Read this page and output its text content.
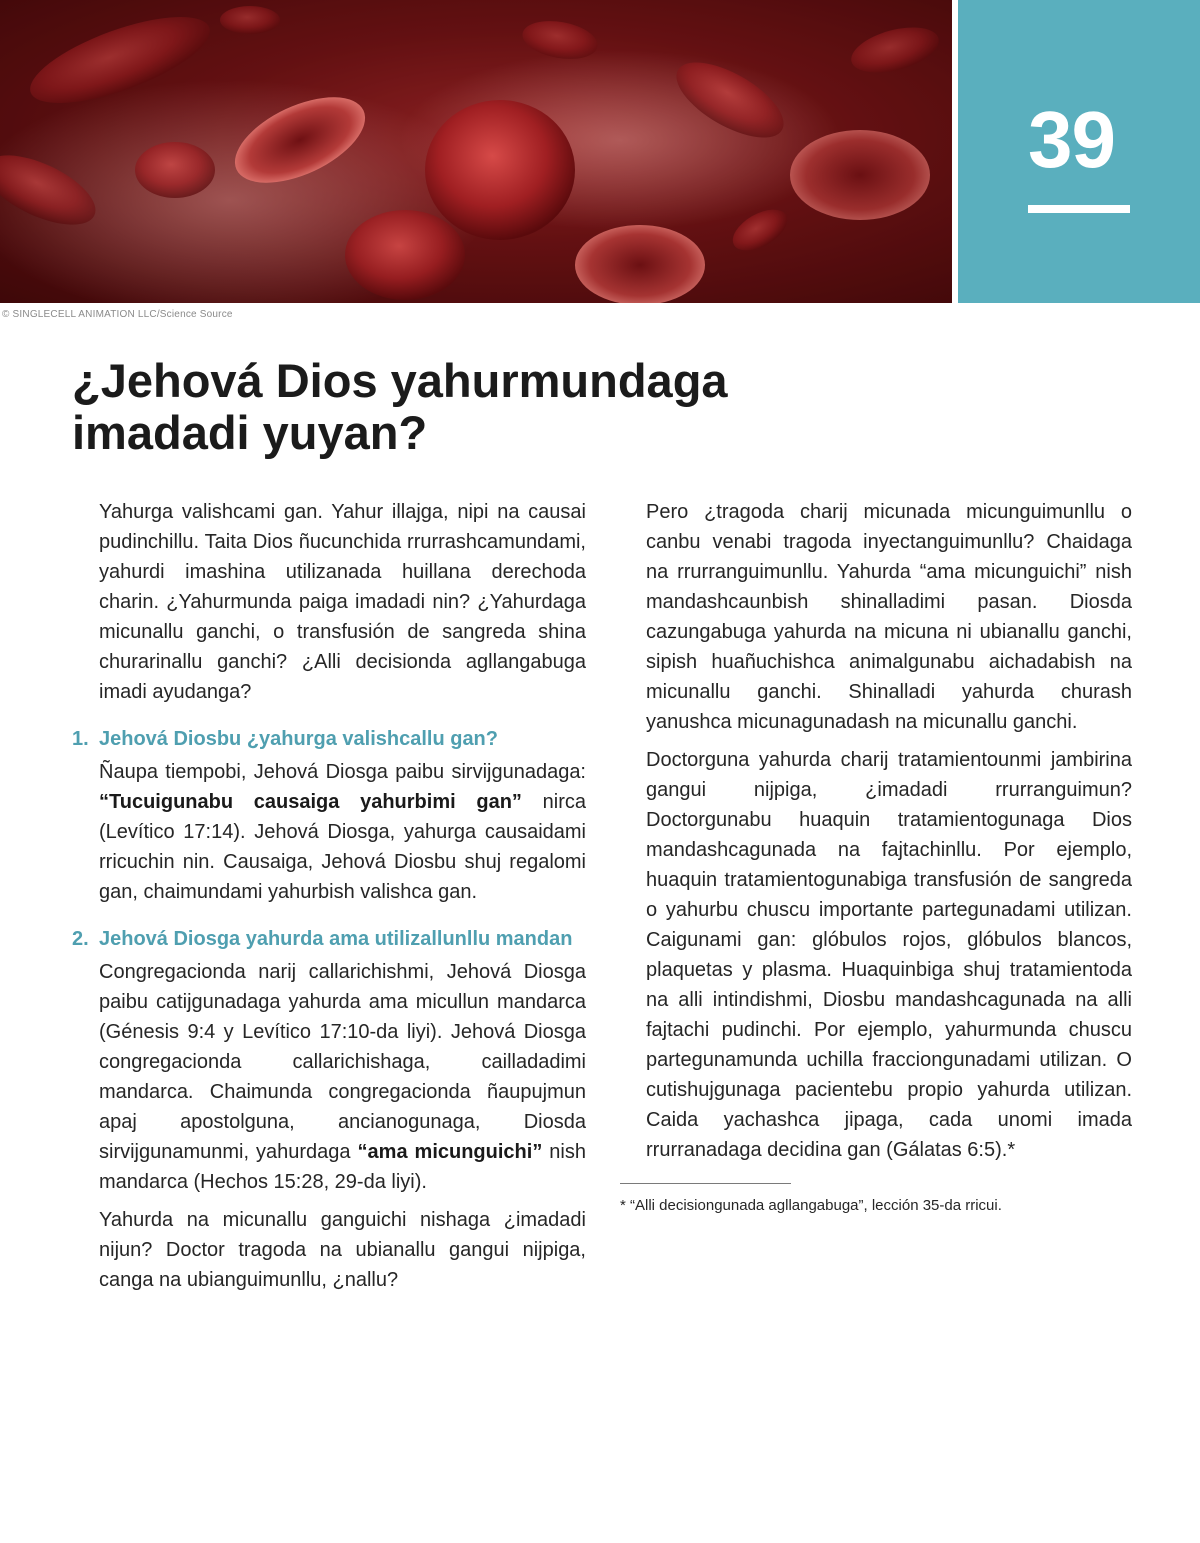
39
© SINGLECELL ANIMATION LLC/Science Source
¿Jehová Dios yahurmundaga imadadi yuyan?

Yahurga valishcami gan. Yahur illajga, nipi na causai pudinchillu. Taita Dios ñucunchida rrurrashcamundami, yahurdi imashina utilizanada huillana derechoda charin. ¿Yahurmunda paiga imadadi nin? ¿Yahurdaga micunallu ganchi, o transfusión de sangreda shina churarinallu ganchi? ¿Alli decisionda agllangabuga imadi ayudanga?

1. Jehová Diosbu ¿yahurga valishcallu gan?

Ñaupa tiempobi, Jehová Diosga paibu sirvijgunadaga: “Tucuigunabu causaiga yahurbimi gan” nirca (Levítico 17:14). Jehová Diosga, yahurga causaidami rricuchin nin. Causaiga, Jehová Diosbu shuj regalomi gan, chaimundami yahurbish valishca gan.

2. Jehová Diosga yahurda ama utilizallunllu mandan

Congregacionda narij callarichishmi, Jehová Diosga paibu catijgunadaga yahurda ama micullun mandarca (Génesis 9:4 y Levítico 17:10-da liyi). Jehová Diosga congregacionda callarichishaga, cailladadimi mandarca. Chaimunda congregacionda ñaupujmun apaj apostolguna, ancianogunaga, Diosda sirvijgunamunmi, yahurdaga “ama micunguichi” nish mandarca (Hechos 15:28, 29-da liyi).

Yahurda na micunallu ganguichi nishaga ¿imadadi nijun? Doctor tragoda na ubianallu gangui nijpiga, canga na ubianguimunllu, ¿nallu?

Pero ¿tragoda charij micunada micunguimunllu o canbu venabi tragoda inyectanguimunllu? Chaidaga na rrurranguimunllu. Yahurda “ama micunguichi” nish mandashcaunbish shinalladimi pasan. Diosda cazungabuga yahurda na micuna ni ubianallu ganchi, sipish huañuchishca animalgunabu aichadabish na micunallu ganchi. Shinalladi yahurda churash yanushca micunagunadash na micunallu ganchi.

Doctorguna yahurda charij tratamientounmi jambirina gangui nijpiga, ¿imadadi rrurranguimun? Doctorgunabu huaquin tratamientogunaga Dios mandashcagunada na fajtachinllu. Por ejemplo, huaquin tratamientogunabiga transfusión de sangreda o yahurbu chuscu importante partegunadami utilizan. Caigunami gan: glóbulos rojos, glóbulos blancos, plaquetas y plasma. Huaquinbiga shuj tratamientoda na alli intindishmi, Diosbu mandashcagunada na alli fajtachi pudinchi. Por ejemplo, yahurmunda chuscu partegunamunda uchilla fracciongunadami utilizan. O cutishujgunaga pacientebu propio yahurda utilizan. Caida yachashca jipaga, cada unomi imada rrurranadaga decidina gan (Gálatas 6:5).*

* “Alli decisiongunada agllangabuga”, lección 35-da rricui.
